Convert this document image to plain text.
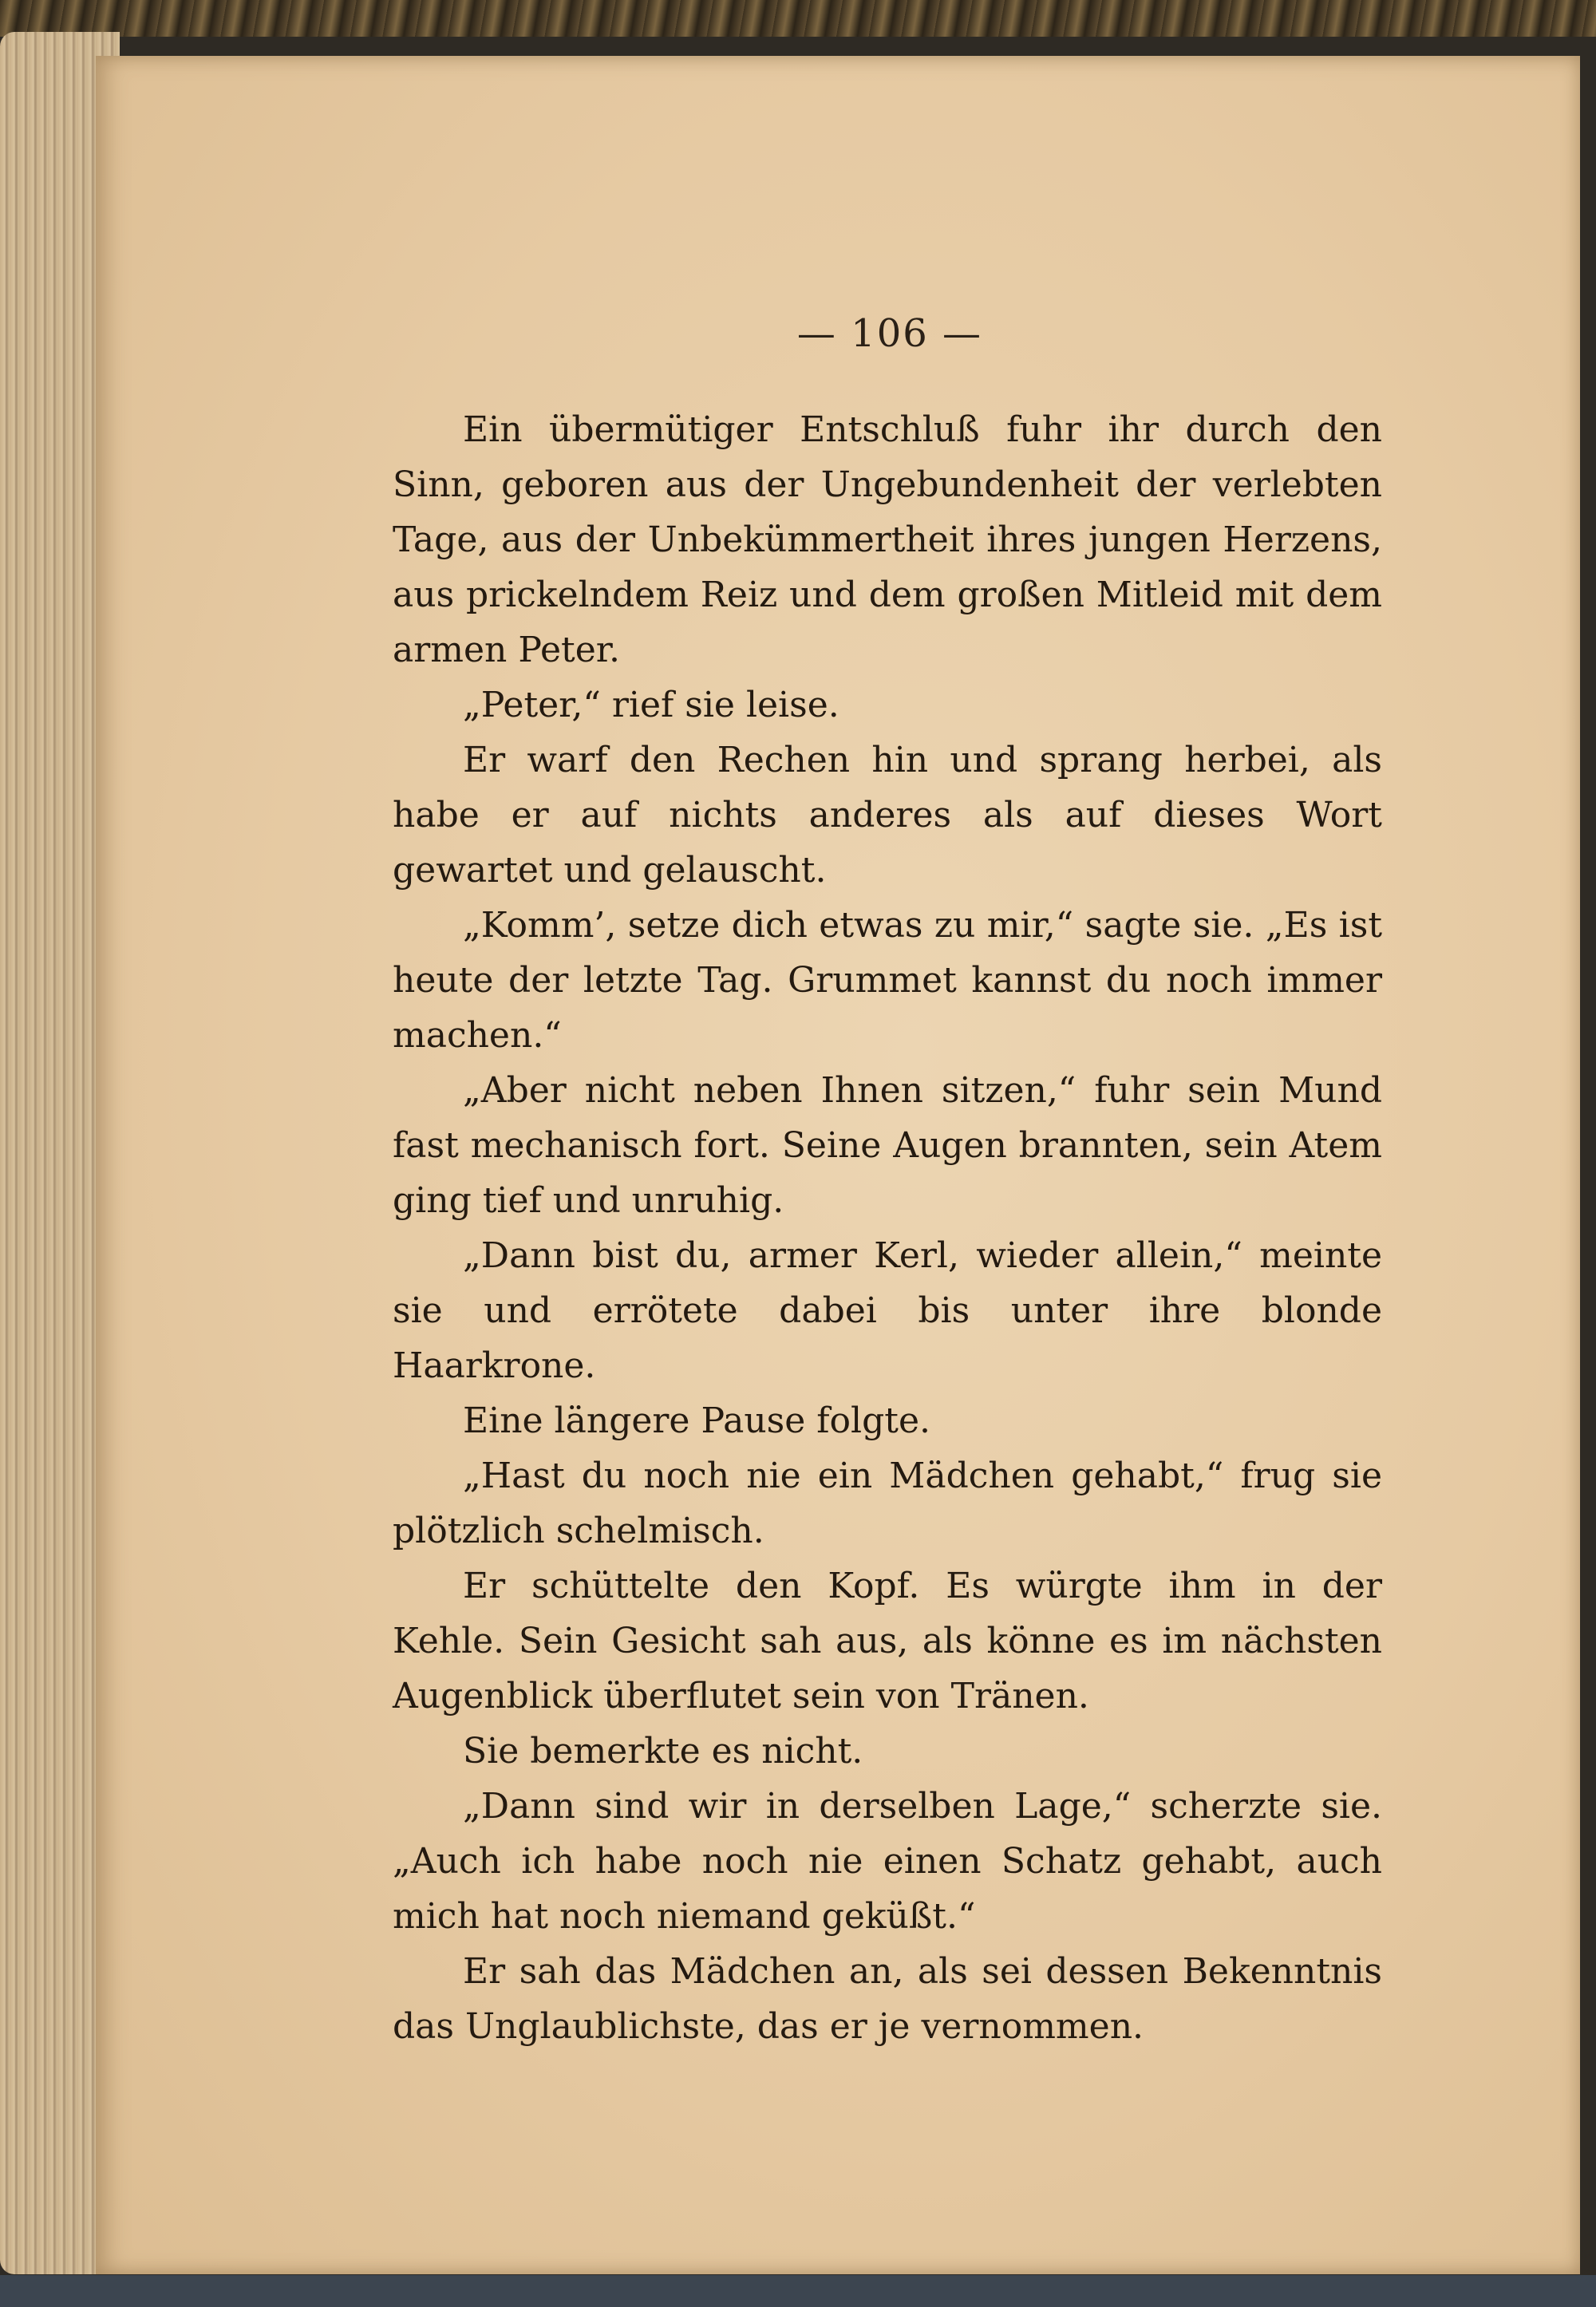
— 106 —

Ein übermütiger Entschluß fuhr ihr durch den Sinn, geboren aus der Ungebundenheit der verlebten Tage, aus der Unbekümmertheit ihres jungen Herzens, aus prickelndem Reiz und dem großen Mitleid mit dem armen Peter.

„Peter,“ rief sie leise.

Er warf den Rechen hin und sprang herbei, als habe er auf nichts anderes als auf dieses Wort gewartet und gelauscht.

„Komm’, setze dich etwas zu mir,“ sagte sie. „Es ist heute der letzte Tag. Grummet kannst du noch immer machen.“

„Aber nicht neben Ihnen sitzen,“ fuhr sein Mund fast mechanisch fort. Seine Augen brannten, sein Atem ging tief und unruhig.

„Dann bist du, armer Kerl, wieder allein,“ meinte sie und errötete dabei bis unter ihre blonde Haarkrone.

Eine längere Pause folgte.

„Hast du noch nie ein Mädchen gehabt,“ frug sie plötzlich schelmisch.

Er schüttelte den Kopf. Es würgte ihm in der Kehle. Sein Gesicht sah aus, als könne es im nächsten Augenblick überflutet sein von Tränen.

Sie bemerkte es nicht.

„Dann sind wir in derselben Lage,“ scherzte sie. „Auch ich habe noch nie einen Schatz gehabt, auch mich hat noch niemand geküßt.“

Er sah das Mädchen an, als sei dessen Bekenntnis das Unglaublichste, das er je vernommen.
